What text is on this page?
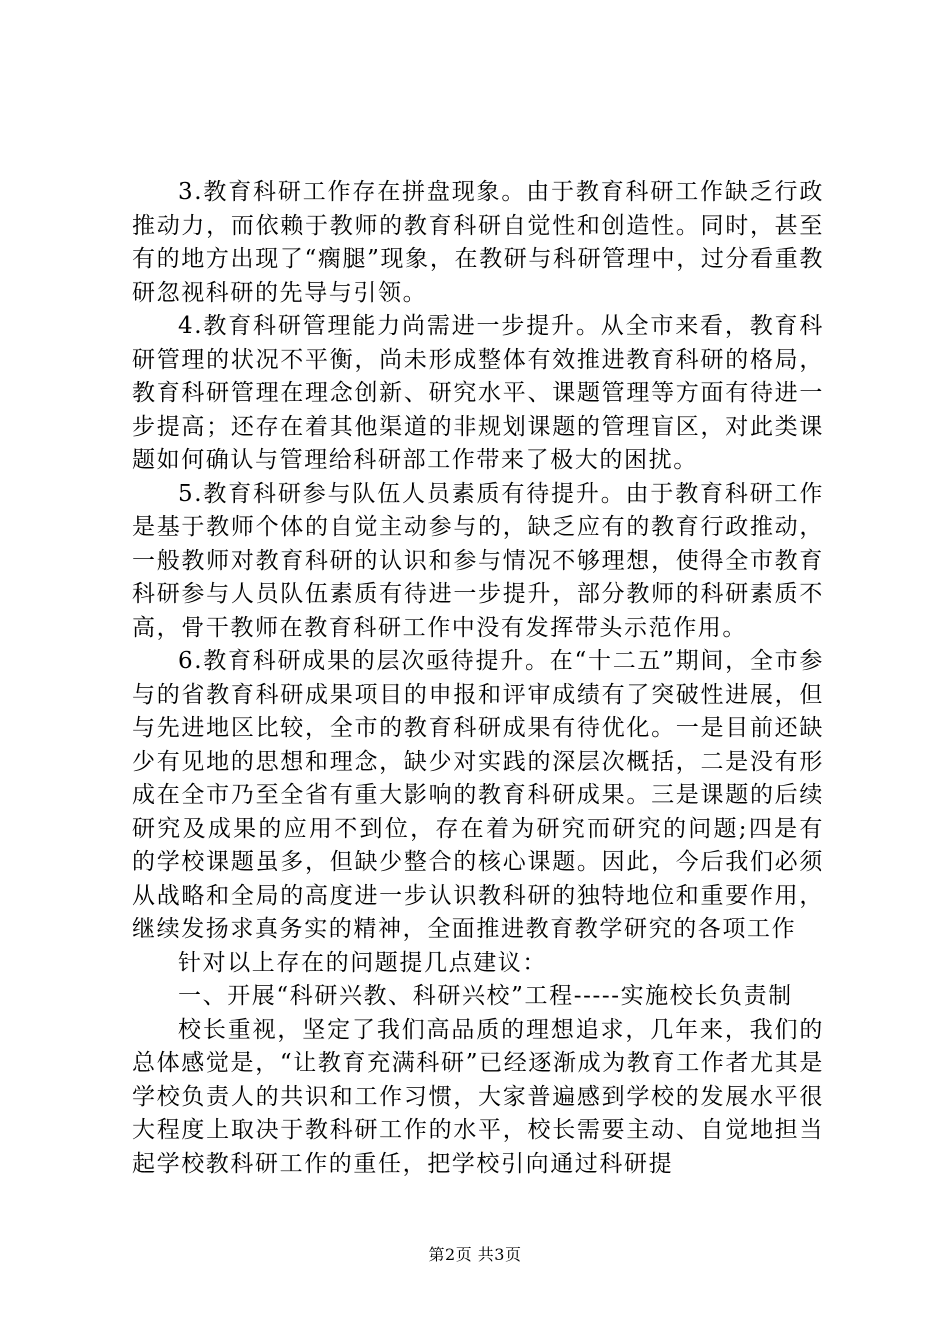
3.教育科研工作存在拼盘现象。由于教育科研工作缺乏行政推动力，而依赖于教师的教育科研自觉性和创造性。同时，甚至有的地方出现了“瘸腿”现象，在教研与科研管理中，过分看重教研忽视科研的先导与引领。

4.教育科研管理能力尚需进一步提升。从全市来看，教育科研管理的状况不平衡，尚未形成整体有效推进教育科研的格局，教育科研管理在理念创新、研究水平、课题管理等方面有待进一步提高；还存在着其他渠道的非规划课题的管理盲区，对此类课题如何确认与管理给科研部工作带来了极大的困扰。

5.教育科研参与队伍人员素质有待提升。由于教育科研工作是基于教师个体的自觉主动参与的，缺乏应有的教育行政推动，一般教师对教育科研的认识和参与情况不够理想，使得全市教育科研参与人员队伍素质有待进一步提升，部分教师的科研素质不高，骨干教师在教育科研工作中没有发挥带头示范作用。

6.教育科研成果的层次亟待提升。在“十二五”期间，全市参与的省教育科研成果项目的申报和评审成绩有了突破性进展，但与先进地区比较，全市的教育科研成果有待优化。一是目前还缺少有见地的思想和理念，缺少对实践的深层次概括，二是没有形成在全市乃至全省有重大影响的教育科研成果。三是课题的后续研究及成果的应用不到位，存在着为研究而研究的问题;四是有的学校课题虽多，但缺少整合的核心课题。因此，今后我们必须从战略和全局的高度进一步认识教科研的独特地位和重要作用，继续发扬求真务实的精神，全面推进教育教学研究的各项工作

针对以上存在的问题提几点建议：

一、开展“科研兴教、科研兴校”工程-----实施校长负责制

校长重视，坚定了我们高品质的理想追求，几年来，我们的总体感觉是，“让教育充满科研”已经逐渐成为教育工作者尤其是学校负责人的共识和工作习惯，大家普遍感到学校的发展水平很大程度上取决于教科研工作的水平，校长需要主动、自觉地担当起学校教科研工作的重任，把学校引向通过科研提

第2页 共3页
